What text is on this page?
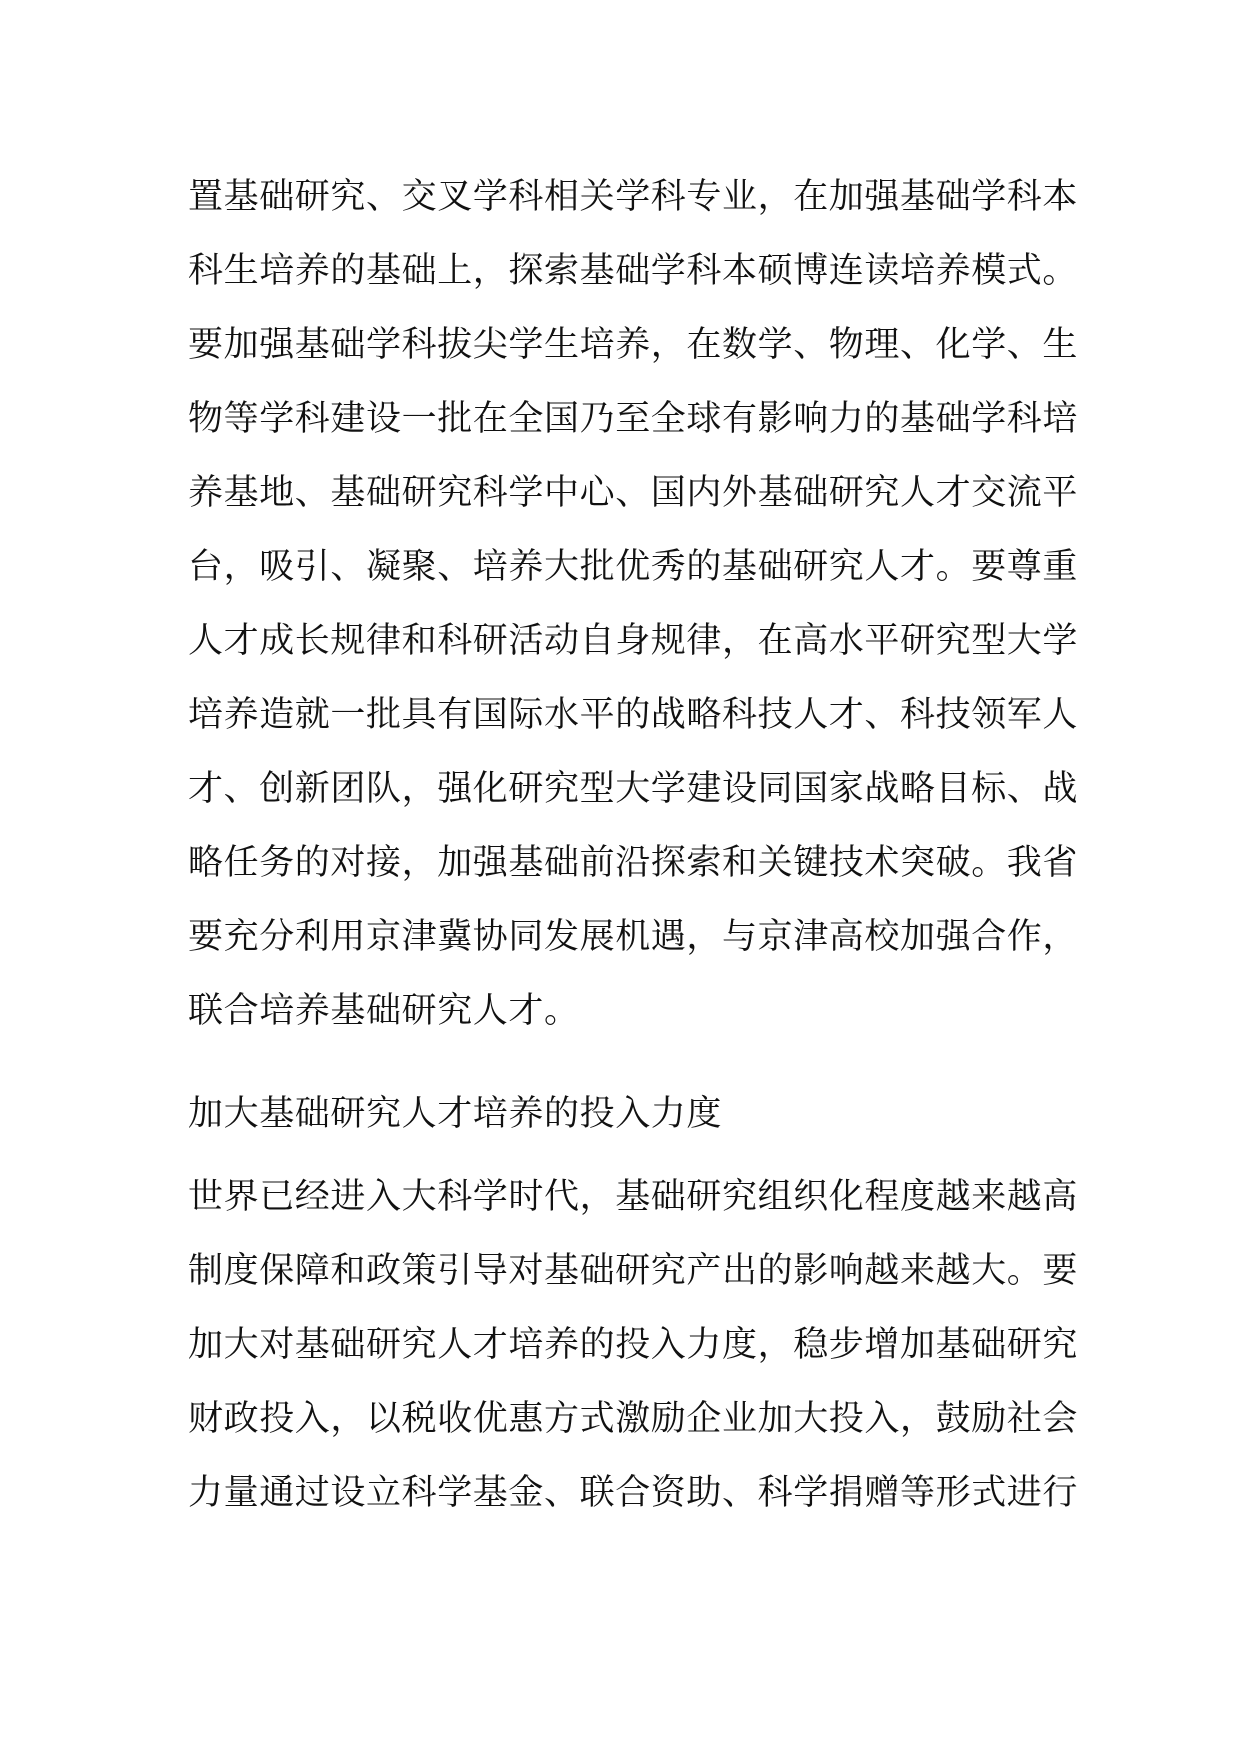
置基础研究、交叉学科相关学科专业，在加强基础学科本
科生培养的基础上，探索基础学科本硕博连读培养模式。
要加强基础学科拔尖学生培养，在数学、物理、化学、生
物等学科建设一批在全国乃至全球有影响力的基础学科培
养基地、基础研究科学中心、国内外基础研究人才交流平
台，吸引、凝聚、培养大批优秀的基础研究人才。要尊重
人才成长规律和科研活动自身规律，在高水平研究型大学
培养造就一批具有国际水平的战略科技人才、科技领军人
才、创新团队，强化研究型大学建设同国家战略目标、战
略任务的对接，加强基础前沿探索和关键技术突破。我省
要充分利用京津冀协同发展机遇，与京津高校加强合作，
联合培养基础研究人才。
加大基础研究人才培养的投入力度
世界已经进入大科学时代，基础研究组织化程度越来越高
制度保障和政策引导对基础研究产出的影响越来越大。要
加大对基础研究人才培养的投入力度，稳步增加基础研究
财政投入，以税收优惠方式激励企业加大投入，鼓励社会
力量通过设立科学基金、联合资助、科学捐赠等形式进行
